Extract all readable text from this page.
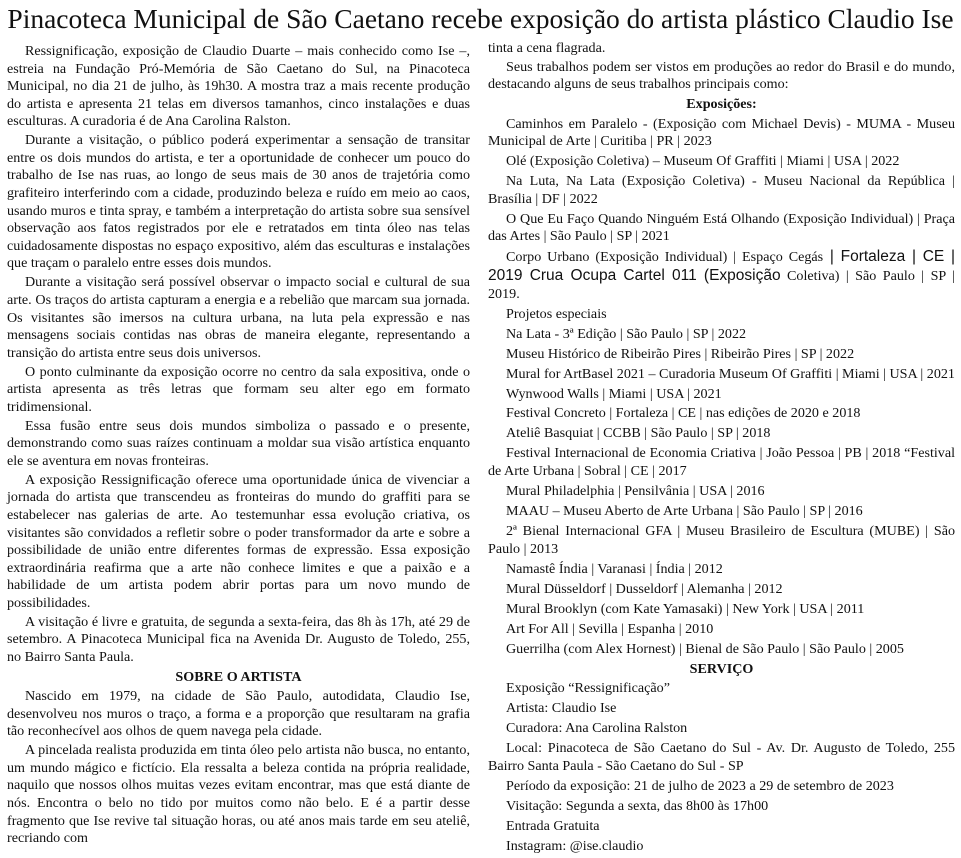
Pinacoteca Municipal de São Caetano recebe exposição do artista plástico Claudio Ise

Ressignificação, exposição de Claudio Duarte – mais conhecido como Ise –, estreia na Fundação Pró-Memória de São Caetano do Sul, na Pinacoteca Municipal, no dia 21 de julho, às 19h30. A mostra traz a mais recente produção do artista e apresenta 21 telas em diversos tamanhos, cinco instalações e duas esculturas. A curadoria é de Ana Carolina Ralston.

Durante a visitação, o público poderá experimentar a sensação de transitar entre os dois mundos do artista, e ter a oportunidade de conhecer um pouco do trabalho de Ise nas ruas, ao longo de seus mais de 30 anos de trajetória como grafiteiro interferindo com a cidade, produzindo beleza e ruído em meio ao caos, usando muros e tinta spray, e também a interpretação do artista sobre sua sensível observação aos fatos registrados por ele e retratados em tinta óleo nas telas cuidadosamente dispostas no espaço expositivo, além das esculturas e instalações que traçam o paralelo entre esses dois mundos.

Durante a visitação será possível observar o impacto social e cultural de sua arte. Os traços do artista capturam a energia e a rebelião que marcam sua jornada. Os visitantes são imersos na cultura urbana, na luta pela expressão e nas mensagens sociais contidas nas obras de maneira elegante, representando a transição do artista entre seus dois universos.

O ponto culminante da exposição ocorre no centro da sala expositiva, onde o artista apresenta as três letras que formam seu alter ego em formato tridimensional.

Essa fusão entre seus dois mundos simboliza o passado e o presente, demonstrando como suas raízes continuam a moldar sua visão artística enquanto ele se aventura em novas fronteiras.

A exposição Ressignificação oferece uma oportunidade única de vivenciar a jornada do artista que transcendeu as fronteiras do mundo do graffiti para se estabelecer nas galerias de arte. Ao testemunhar essa evolução criativa, os visitantes são convidados a refletir sobre o poder transformador da arte e sobre a possibilidade de união entre diferentes formas de expressão. Essa exposição extraordinária reafirma que a arte não conhece limites e que a paixão e a habilidade de um artista podem abrir portas para um novo mundo de possibilidades.

A visitação é livre e gratuita, de segunda a sexta-feira, das 8h às 17h, até 29 de setembro. A Pinacoteca Municipal fica na Avenida Dr. Augusto de Toledo, 255, no Bairro Santa Paula.

SOBRE O ARTISTA

Nascido em 1979, na cidade de São Paulo, autodidata, Claudio Ise, desenvolveu nos muros o traço, a forma e a proporção que resultaram na grafia tão reconhecível aos olhos de quem navega pela cidade.

A pincelada realista produzida em tinta óleo pelo artista não busca, no entanto, um mundo mágico e fictício. Ela ressalta a beleza contida na própria realidade, naquilo que nossos olhos muitas vezes evitam encontrar, mas que está diante de nós. Encontra o belo no tido por muitos como não belo. E é a partir desse fragmento que Ise revive tal situação horas, ou até anos mais tarde em seu ateliê, recriando com

tinta a cena flagrada.

Seus trabalhos podem ser vistos em produções ao redor do Brasil e do mundo, destacando alguns de seus trabalhos principais como:

Exposições:

Caminhos em Paralelo - (Exposição com Michael Devis) - MUMA - Museu Municipal de Arte | Curitiba | PR | 2023

Olé (Exposição Coletiva) – Museum Of Graffiti | Miami | USA | 2022

Na Luta, Na Lata (Exposição Coletiva) - Museu Nacional da República | Brasília | DF | 2022

O Que Eu Faço Quando Ninguém Está Olhando (Exposição Individual) | Praça das Artes | São Paulo | SP | 2021

Corpo Urbano (Exposição Individual) | Espaço Cegás | Fortaleza | CE | 2019 Crua Ocupa Cartel 011 (Exposição Coletiva) | São Paulo | SP | 2019.

Projetos especiais

Na Lata - 3ª Edição | São Paulo | SP | 2022

Museu Histórico de Ribeirão Pires | Ribeirão Pires | SP | 2022

Mural for ArtBasel 2021 – Curadoria Museum Of Graffiti | Miami | USA | 2021

Wynwood Walls | Miami | USA | 2021

Festival Concreto | Fortaleza | CE | nas edições de 2020 e 2018

Ateliê Basquiat | CCBB | São Paulo | SP | 2018

Festival Internacional de Economia Criativa | João Pessoa | PB | 2018 “Festival de Arte Urbana | Sobral | CE | 2017

Mural Philadelphia | Pensilvânia | USA | 2016

MAAU – Museu Aberto de Arte Urbana | São Paulo | SP | 2016

2ª Bienal Internacional GFA | Museu Brasileiro de Escultura (MUBE) | São Paulo | 2013

Namastê Índia | Varanasi | Índia | 2012

Mural Düsseldorf | Dusseldorf | Alemanha | 2012

Mural Brooklyn (com Kate Yamasaki) | New York | USA | 2011

Art For All | Sevilla | Espanha | 2010

Guerrilha (com Alex Hornest) | Bienal de São Paulo | São Paulo | 2005

SERVIÇO

Exposição “Ressignificação”

Artista: Claudio Ise

Curadora: Ana Carolina Ralston

Local: Pinacoteca de São Caetano do Sul - Av. Dr. Augusto de Toledo, 255 Bairro Santa Paula - São Caetano do Sul - SP

Período da exposição: 21 de julho de 2023 a 29 de setembro de 2023

Visitação: Segunda a sexta, das 8h00 às 17h00

Entrada Gratuita

Instagram: @ise.claudio
